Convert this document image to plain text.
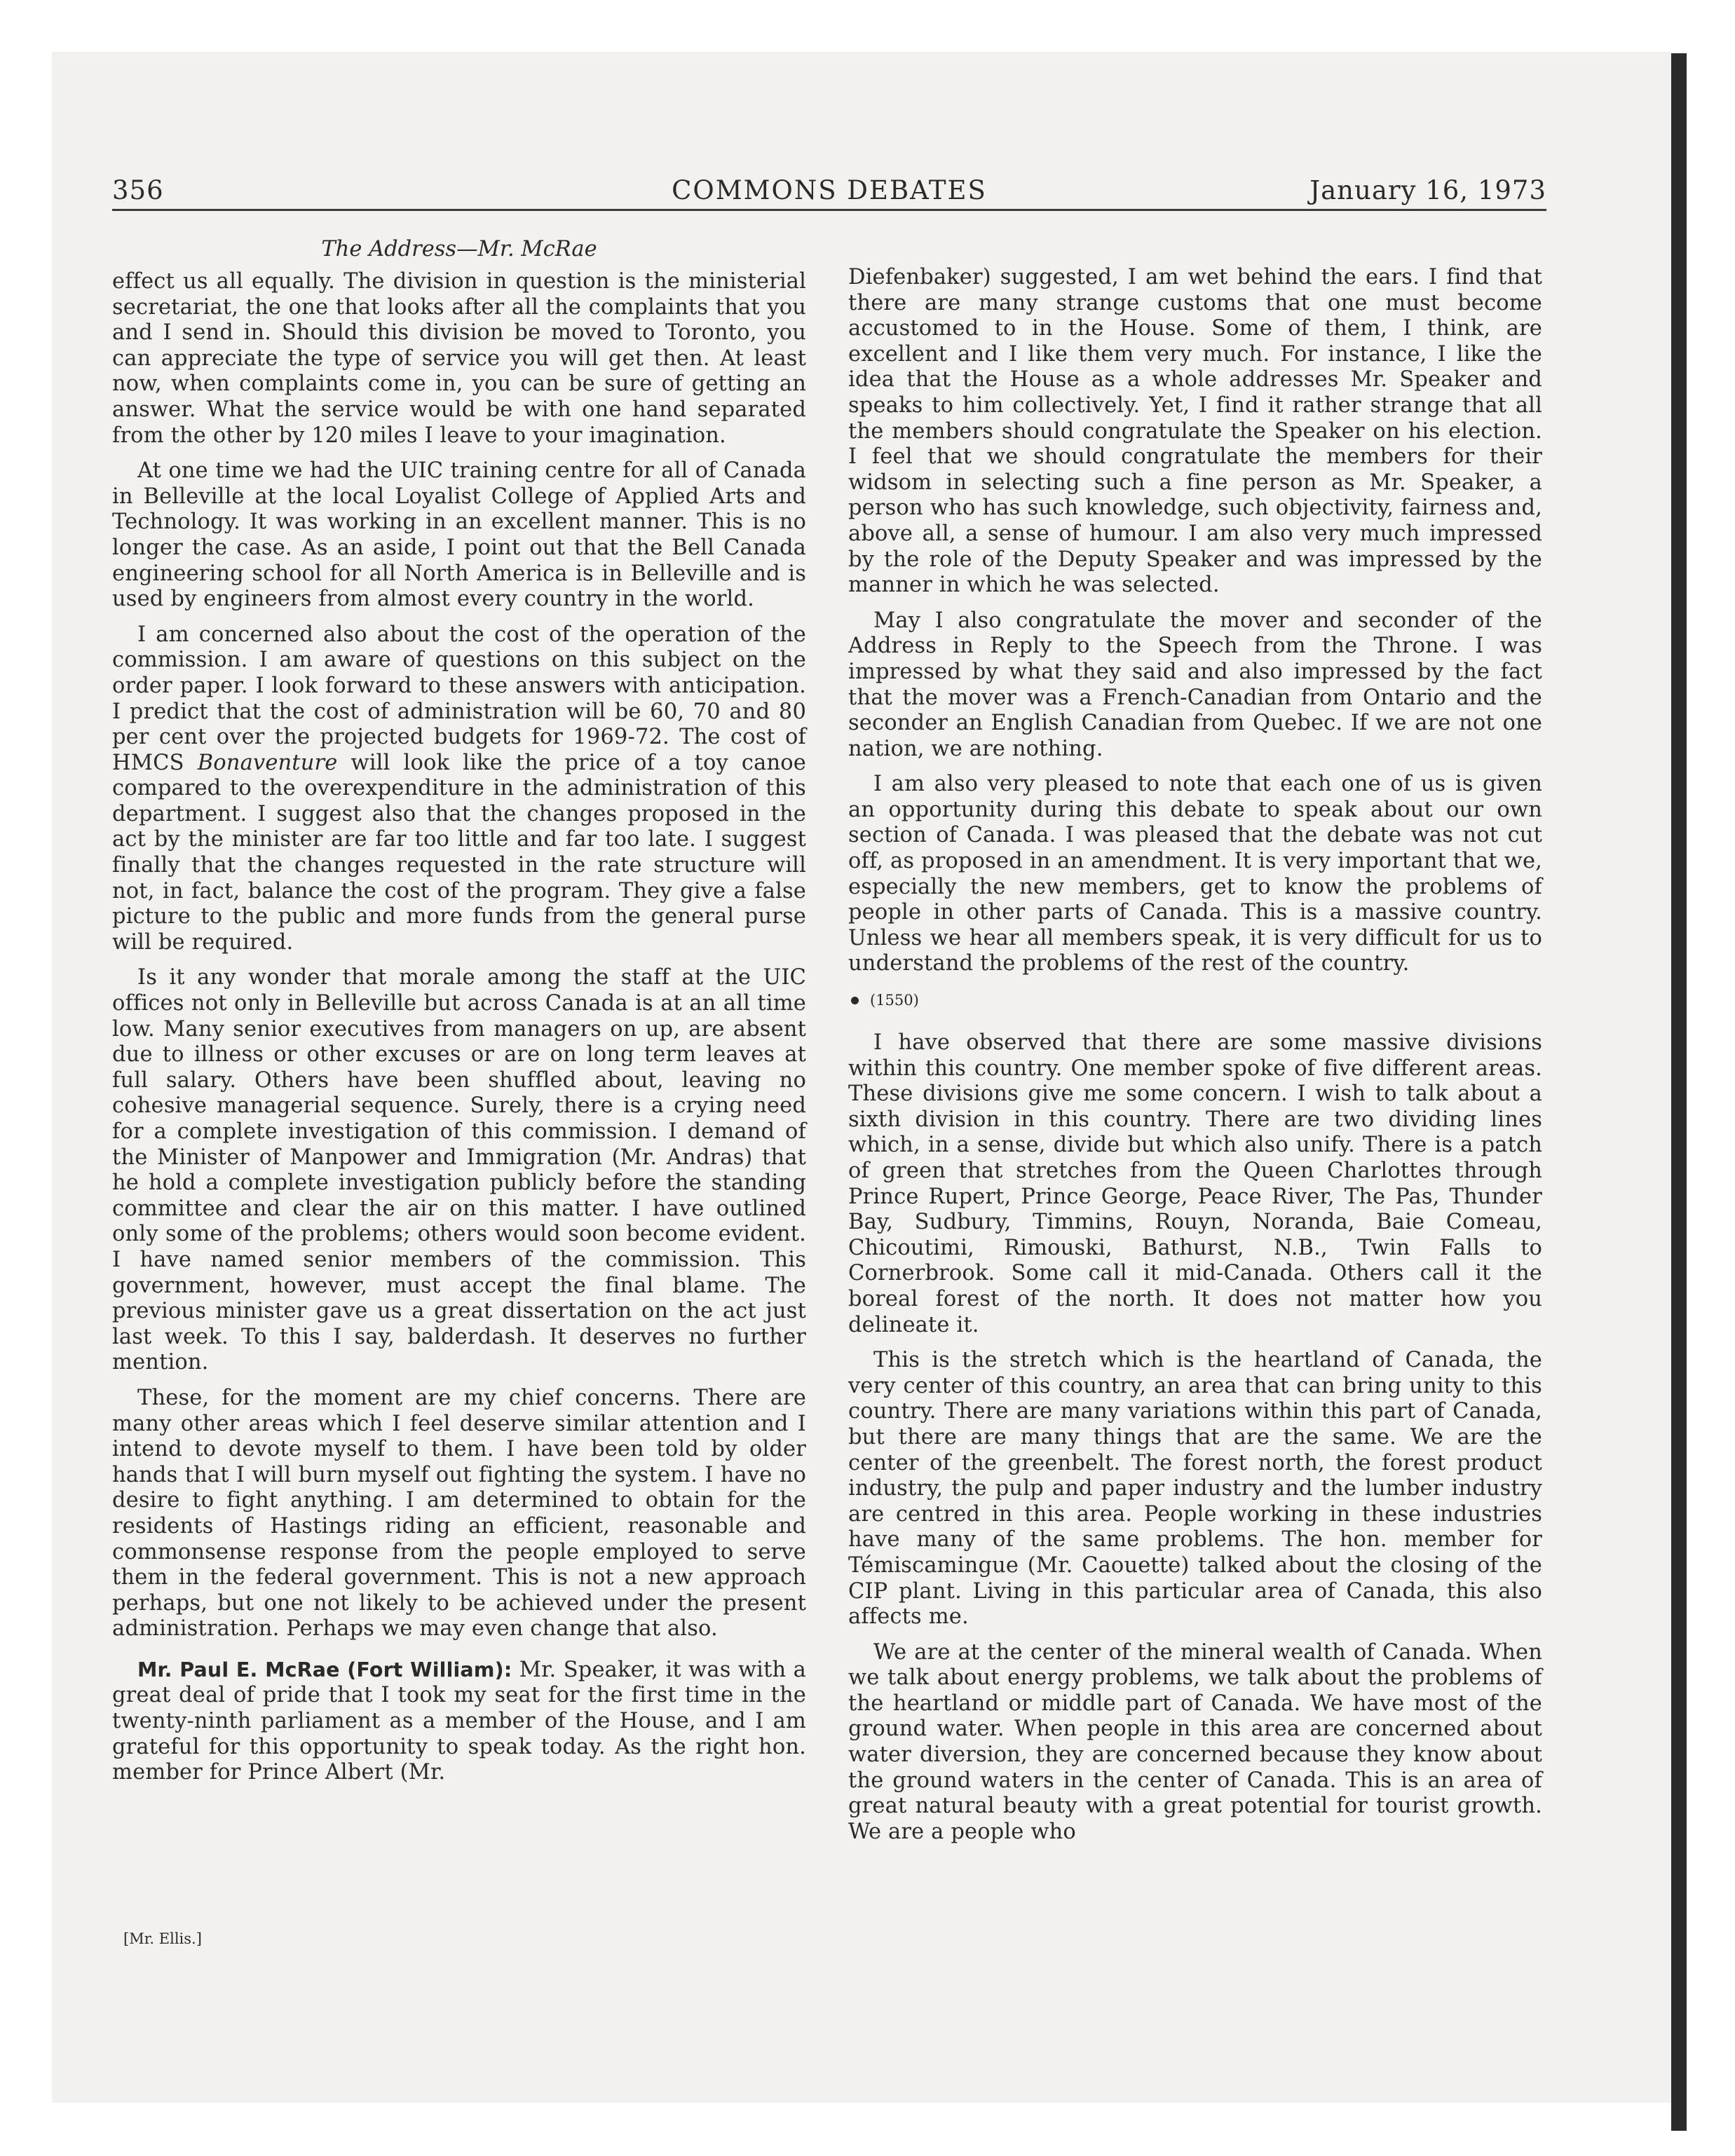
356	COMMONS DEBATES	January 16, 1973
The Address—Mr. McRae

effect us all equally. The division in question is the ministerial secretariat, the one that looks after all the complaints that you and I send in. Should this division be moved to Toronto, you can appreciate the type of service you will get then. At least now, when complaints come in, you can be sure of getting an answer. What the service would be with one hand separated from the other by 120 miles I leave to your imagination.

At one time we had the UIC training centre for all of Canada in Belleville at the local Loyalist College of Applied Arts and Technology. It was working in an excellent manner. This is no longer the case. As an aside, I point out that the Bell Canada engineering school for all North America is in Belleville and is used by engineers from almost every country in the world.

I am concerned also about the cost of the operation of the commission. I am aware of questions on this subject on the order paper. I look forward to these answers with anticipation. I predict that the cost of administration will be 60, 70 and 80 per cent over the projected budgets for 1969-72. The cost of HMCS Bonaventure will look like the price of a toy canoe compared to the overexpenditure in the administration of this department. I suggest also that the changes proposed in the act by the minister are far too little and far too late. I suggest finally that the changes requested in the rate structure will not, in fact, balance the cost of the program. They give a false picture to the public and more funds from the general purse will be required.

Is it any wonder that morale among the staff at the UIC offices not only in Belleville but across Canada is at an all time low. Many senior executives from managers on up, are absent due to illness or other excuses or are on long term leaves at full salary. Others have been shuffled about, leaving no cohesive managerial sequence. Surely, there is a crying need for a complete investigation of this commission. I demand of the Minister of Manpower and Immigration (Mr. Andras) that he hold a complete investigation publicly before the standing committee and clear the air on this matter. I have outlined only some of the problems; others would soon become evident. I have named senior members of the commission. This government, however, must accept the final blame. The previous minister gave us a great dissertation on the act just last week. To this I say, balderdash. It deserves no further mention.

These, for the moment are my chief concerns. There are many other areas which I feel deserve similar attention and I intend to devote myself to them. I have been told by older hands that I will burn myself out fighting the system. I have no desire to fight anything. I am determined to obtain for the residents of Hastings riding an efficient, reasonable and commonsense response from the people employed to serve them in the federal government. This is not a new approach perhaps, but one not likely to be achieved under the present administration. Perhaps we may even change that also.

Mr. Paul E. McRae (Fort William): Mr. Speaker, it was with a great deal of pride that I took my seat for the first time in the twenty-ninth parliament as a member of the House, and I am grateful for this opportunity to speak today. As the right hon. member for Prince Albert (Mr.

Diefenbaker) suggested, I am wet behind the ears. I find that there are many strange customs that one must become accustomed to in the House. Some of them, I think, are excellent and I like them very much. For instance, I like the idea that the House as a whole addresses Mr. Speaker and speaks to him collectively. Yet, I find it rather strange that all the members should congratulate the Speaker on his election. I feel that we should congratulate the members for their widsom in selecting such a fine person as Mr. Speaker, a person who has such knowledge, such objectivity, fairness and, above all, a sense of humour. I am also very much impressed by the role of the Deputy Speaker and was impressed by the manner in which he was selected.

May I also congratulate the mover and seconder of the Address in Reply to the Speech from the Throne. I was impressed by what they said and also impressed by the fact that the mover was a French-Canadian from Ontario and the seconder an English Canadian from Quebec. If we are not one nation, we are nothing.

I am also very pleased to note that each one of us is given an opportunity during this debate to speak about our own section of Canada. I was pleased that the debate was not cut off, as proposed in an amendment. It is very important that we, especially the new members, get to know the problems of people in other parts of Canada. This is a massive country. Unless we hear all members speak, it is very difficult for us to understand the problems of the rest of the country.

(1550)

I have observed that there are some massive divisions within this country. One member spoke of five different areas. These divisions give me some concern. I wish to talk about a sixth division in this country. There are two dividing lines which, in a sense, divide but which also unify. There is a patch of green that stretches from the Queen Charlottes through Prince Rupert, Prince George, Peace River, The Pas, Thunder Bay, Sudbury, Timmins, Rouyn, Noranda, Baie Comeau, Chicoutimi, Rimouski, Bathurst, N.B., Twin Falls to Cornerbrook. Some call it mid-Canada. Others call it the boreal forest of the north. It does not matter how you delineate it.

This is the stretch which is the heartland of Canada, the very center of this country, an area that can bring unity to this country. There are many variations within this part of Canada, but there are many things that are the same. We are the center of the greenbelt. The forest north, the forest product industry, the pulp and paper industry and the lumber industry are centred in this area. People working in these industries have many of the same problems. The hon. member for Témiscamingue (Mr. Caouette) talked about the closing of the CIP plant. Living in this particular area of Canada, this also affects me.

We are at the center of the mineral wealth of Canada. When we talk about energy problems, we talk about the problems of the heartland or middle part of Canada. We have most of the ground water. When people in this area are concerned about water diversion, they are concerned because they know about the ground waters in the center of Canada. This is an area of great natural beauty with a great potential for tourist growth. We are a people who

[Mr. Ellis.]
